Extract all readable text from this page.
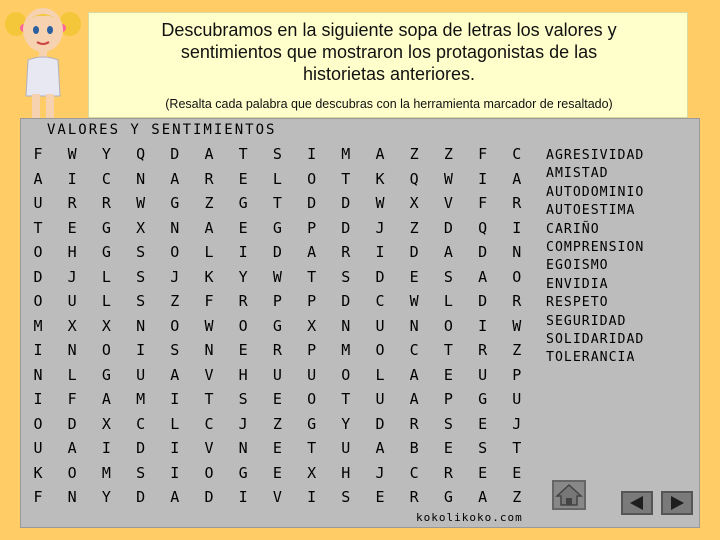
Descubramos en la siguiente sopa de letras los valores y
sentimientos que mostraron los protagonistas de las
historietas anteriores.
(Resalta cada palabra que descubras con la herramienta marcador de resaltado)
VALORES Y SENTIMIENTOS
F	W	Y	Q	D	A	T	S	I	M	A	Z	Z	F	C
A	I	C	N	A	R	E	L	O	T	K	Q	W	I	A
U	R	R	W	G	Z	G	T	D	D	W	X	V	F	R
T	E	G	X	N	A	E	G	P	D	J	Z	D	Q	I
O	H	G	S	O	L	I	D	A	R	I	D	A	D	N
D	J	L	S	J	K	Y	W	T	S	D	E	S	A	O
O	U	L	S	Z	F	R	P	P	D	C	W	L	D	R
M	X	X	N	O	W	O	G	X	N	U	N	O	I	W
I	N	O	I	S	N	E	R	P	M	O	C	T	R	Z
N	L	G	U	A	V	H	U	U	O	L	A	E	U	P
I	F	A	M	I	T	S	E	O	T	U	A	P	G	U
O	D	X	C	L	C	J	Z	G	Y	D	R	S	E	J
U	A	I	D	I	V	N	E	T	U	A	B	E	S	T
K	O	M	S	I	O	G	E	X	H	J	C	R	E	E
F	N	Y	D	A	D	I	V	I	S	E	R	G	A	Z
AGRESIVIDAD
AMISTAD
AUTODOMINIO
AUTOESTIMA
CARIÑO
COMPRENSION
EGOISMO
ENVIDIA
RESPETO
SEGURIDAD
SOLIDARIDAD
TOLERANCIA
kokolikoko.com
